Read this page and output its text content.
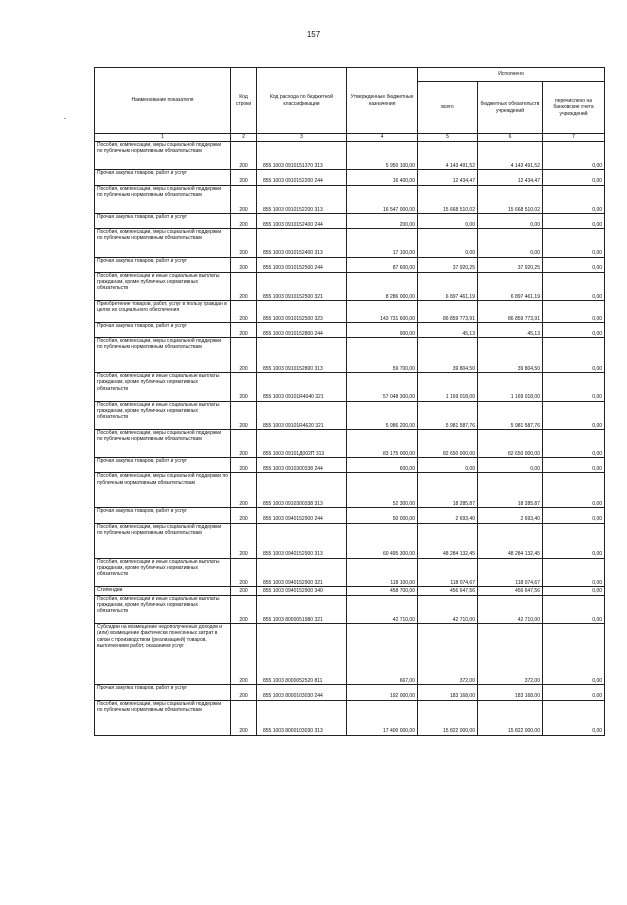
157
-
Наименование показателя	Код строки	Код расхода по бюджетной классификации	Утвержденные бюджетные назначения	Исполнено		
				всего	бюджетных обязательств учреждений	перечислено на банковские счета учреждений
1	2	3	4	5	6	7
Пособия, компенсации, меры социальной поддержки по публичным нормативным обязательствам	200	855 1003 0910151370 313	5 950 100,00	4 143 491,52	4 143 491,52	0,00
Прочая закупка товаров, работ и услуг	200	855 1003 0910152200 244	16 400,00	12 434,47	12 434,47	0,00
Пособия, компенсации, меры социальной поддержки по публичным нормативным обязательствам	200	855 1003 0910152200 313	16 547 000,00	15 668 510,02	15 668 510,02	0,00
Прочая закупка товаров, работ и услуг	200	855 1003 0910152400 244	200,00	0,00	0,00	0,00
Пособия, компенсации, меры социальной поддержки по публичным нормативным обязательствам	200	855 1003 0910152400 313	17 100,00	0,00	0,00	0,00
Прочая закупка товаров, работ и услуг	200	855 1003 0910152500 244	87 600,00	37 920,25	37 920,25	0,00
Пособия, компенсации и иные социальные выплаты гражданам, кроме публичных нормативных обязательств	200	855 1003 0910152500 321	8 286 000,00	6 897 461,19	6 897 461,19	0,00
Приобретение товаров, работ, услуг в пользу граждан в целях их социального обеспечения	200	855 1003 0910152500 323	143 731 600,00	86 859 773,91	86 859 773,91	0,00
Прочая закупка товаров, работ и услуг	200	855 1003 0910152800 244	900,00	45,13	45,13	0,00
Пособия, компенсации, меры социальной поддержки по публичным нормативным обязательствам	200	855 1003 0910152800 313	59 700,00	39 804,50	39 804,50	0,00
Пособия, компенсации и иные социальные выплаты гражданам, кроме публичных нормативных обязательств	200	855 1003 09101R4040 321	57 048 300,00	1 169 018,00	1 169 018,00	0,00
Пособия, компенсации и иные социальные выплаты гражданам, кроме публичных нормативных обязательств	200	855 1003 09101R4620 321	5 986 200,00	5 981 587,76	5 981 587,76	0,00
Пособия, компенсации, меры социальной поддержки по публичным нормативным обязательствам	200	855 1003 09101Д002П 313	83 175 000,00	82 650 000,00	82 650 000,00	0,00
Прочая закупка товаров, работ и услуг	200	855 1003 0910300338 244	600,00	0,00	0,00	0,00
Пособия, компенсация, меры социальной поддержки по публичным нормативным обязательствам	200	855 1003 0910300338 313	52 300,00	18 285,87	18 285,87	0,00
Прочая закупка товаров, работ и услуг	200	855 1003 0940152900 244	50 000,00	2 693,40	2 693,40	0,00
Пособия, компенсации, меры социальной поддержки по публичным нормативным обязательствам	200	855 1003 0940152900 313	60 495 300,00	48 284 132,45	48 284 132,45	0,00
Пособия, компенсации и иные социальные выплаты гражданам, кроме публичных нормативных обязательств	200	855 1003 0940152900 321	118 100,00	118 074,67	118 074,67	0,00
Стипендии	200	855 1003 0940152900 340	458 700,00	456 647,56	456 647,56	0,00
Пособия, компенсации и иные социальные выплаты гражданам, кроме публичных нормативных обязательств	200	855 1003 8000051980 321	42 710,00	42 710,00	42 710,00	0,00
Субсидии на возмещение недополученных доходов и (или) возмещение фактически понесенных затрат в связи с производством (реализацией) товаров, выполнением работ, оказанием услуг	200	855 1003 8000052520 811	667,00	372,00	372,00	0,00
Прочая закупка товаров, работ и услуг	200	855 1003 8000103030 244	192 000,00	183 168,00	183 168,00	0,00
Пособия, компенсации, меры социальной поддержки по публичным нормативным обязательствам	200	855 1003 8000103030 313	17 400 000,00	15 822 000,00	15 822 000,00	0,00
